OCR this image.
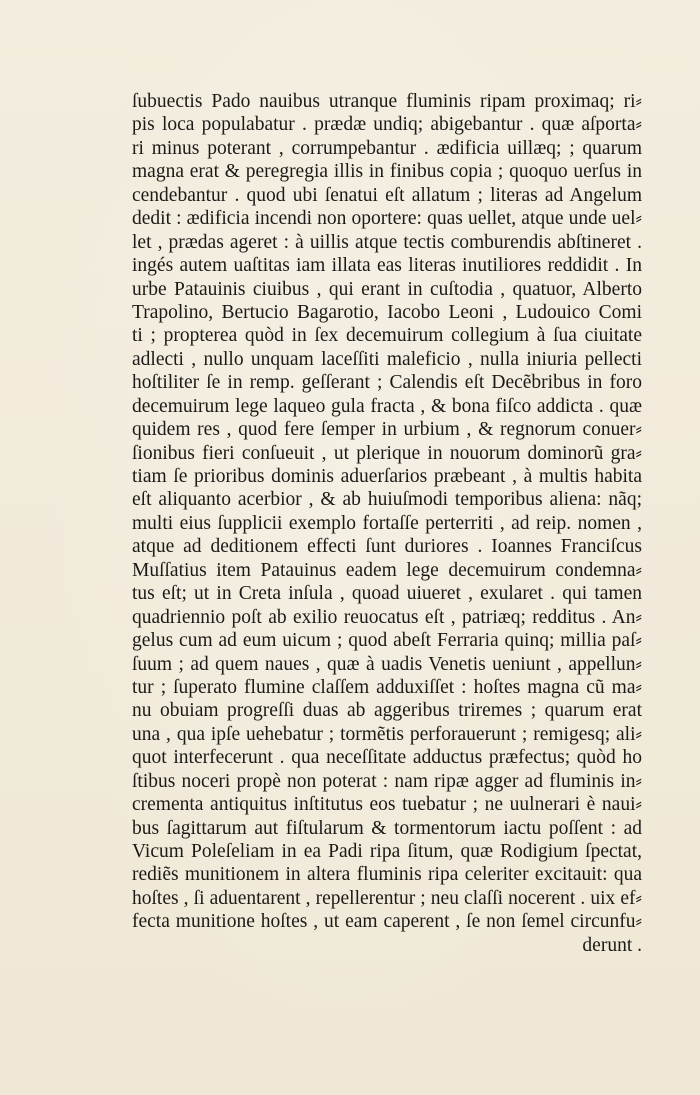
ſubuectis Pado nauibus utranque fluminis ripam proximaq; ri⸗
pis loca populabatur . prædæ undiq; abigebantur . quæ aſporta⸗
ri minus poterant , corrumpebantur . ædificia uillæq; ; quarum
magna erat & peregregia illis in finibus copia ; quoquo uerſus in
cendebantur . quod ubi ſenatui eſt allatum ; literas ad Angelum
dedit : ædificia incendi non oportere: quas uellet, atque unde uel⸗
let , prædas ageret : à uillis atque tectis comburendis abſtineret .
ingés autem uaſtitas iam illata eas literas inutiliores reddidit . In
urbe Patauinis ciuibus , qui erant in cuſtodia , quatuor, Alberto
Trapolino, Bertucio Bagarotio, Iacobo Leoni , Ludouico Comi
ti ; propterea quòd in ſex decemuirum collegium à ſua ciuitate
adlecti , nullo unquam laceſſiti maleficio , nulla iniuria pellecti
hoſtiliter ſe in remp. geſſerant ; Calendis eſt Decẽbribus in foro
decemuirum lege laqueo gula fracta , & bona fiſco addicta . quæ
quidem res , quod fere ſemper in urbium , & regnorum conuer⸗
ſionibus fieri conſueuit , ut plerique in nouorum dominorũ gra⸗
tiam ſe prioribus dominis aduerſarios præbeant , à multis habita
eſt aliquanto acerbior , & ab huiuſmodi temporibus aliena: nãq;
multi eius ſupplicii exemplo fortaſſe perterriti , ad reip. nomen ,
atque ad deditionem effecti ſunt duriores . Ioannes Franciſcus
Muſſatius item Patauinus eadem lege decemuirum condemna⸗
tus eſt; ut in Creta inſula , quoad uiueret , exularet . qui tamen
quadriennio poſt ab exilio reuocatus eſt , patriæq; redditus . An⸗
gelus cum ad eum uicum ; quod abeſt Ferraria quinq; millia paſ⸗
ſuum ; ad quem naues , quæ à uadis Venetis ueniunt , appellun⸗
tur ; ſuperato flumine claſſem adduxiſſet : hoſtes magna cũ ma⸗
nu obuiam progreſſi duas ab aggeribus triremes ; quarum erat
una , qua ipſe uehebatur ; tormẽtis perforauerunt ; remigesq; ali⸗
quot interfecerunt . qua neceſſitate adductus præfectus; quòd ho
ſtibus noceri propè non poterat : nam ripæ agger ad fluminis in⸗
crementa antiquitus inſtitutus eos tuebatur ; ne uulnerari è naui⸗
bus ſagittarum aut fiſtularum & tormentorum iactu poſſent : ad
Vicum Poleſeliam in ea Padi ripa ſitum, quæ Rodigium ſpectat,
rediẽs munitionem in altera fluminis ripa celeriter excitauit: qua
hoſtes , ſi aduentarent , repellerentur ; neu claſſi nocerent . uix ef⸗
fecta munitione hoſtes , ut eam caperent , ſe non ſemel circunfu⸗
derunt .
